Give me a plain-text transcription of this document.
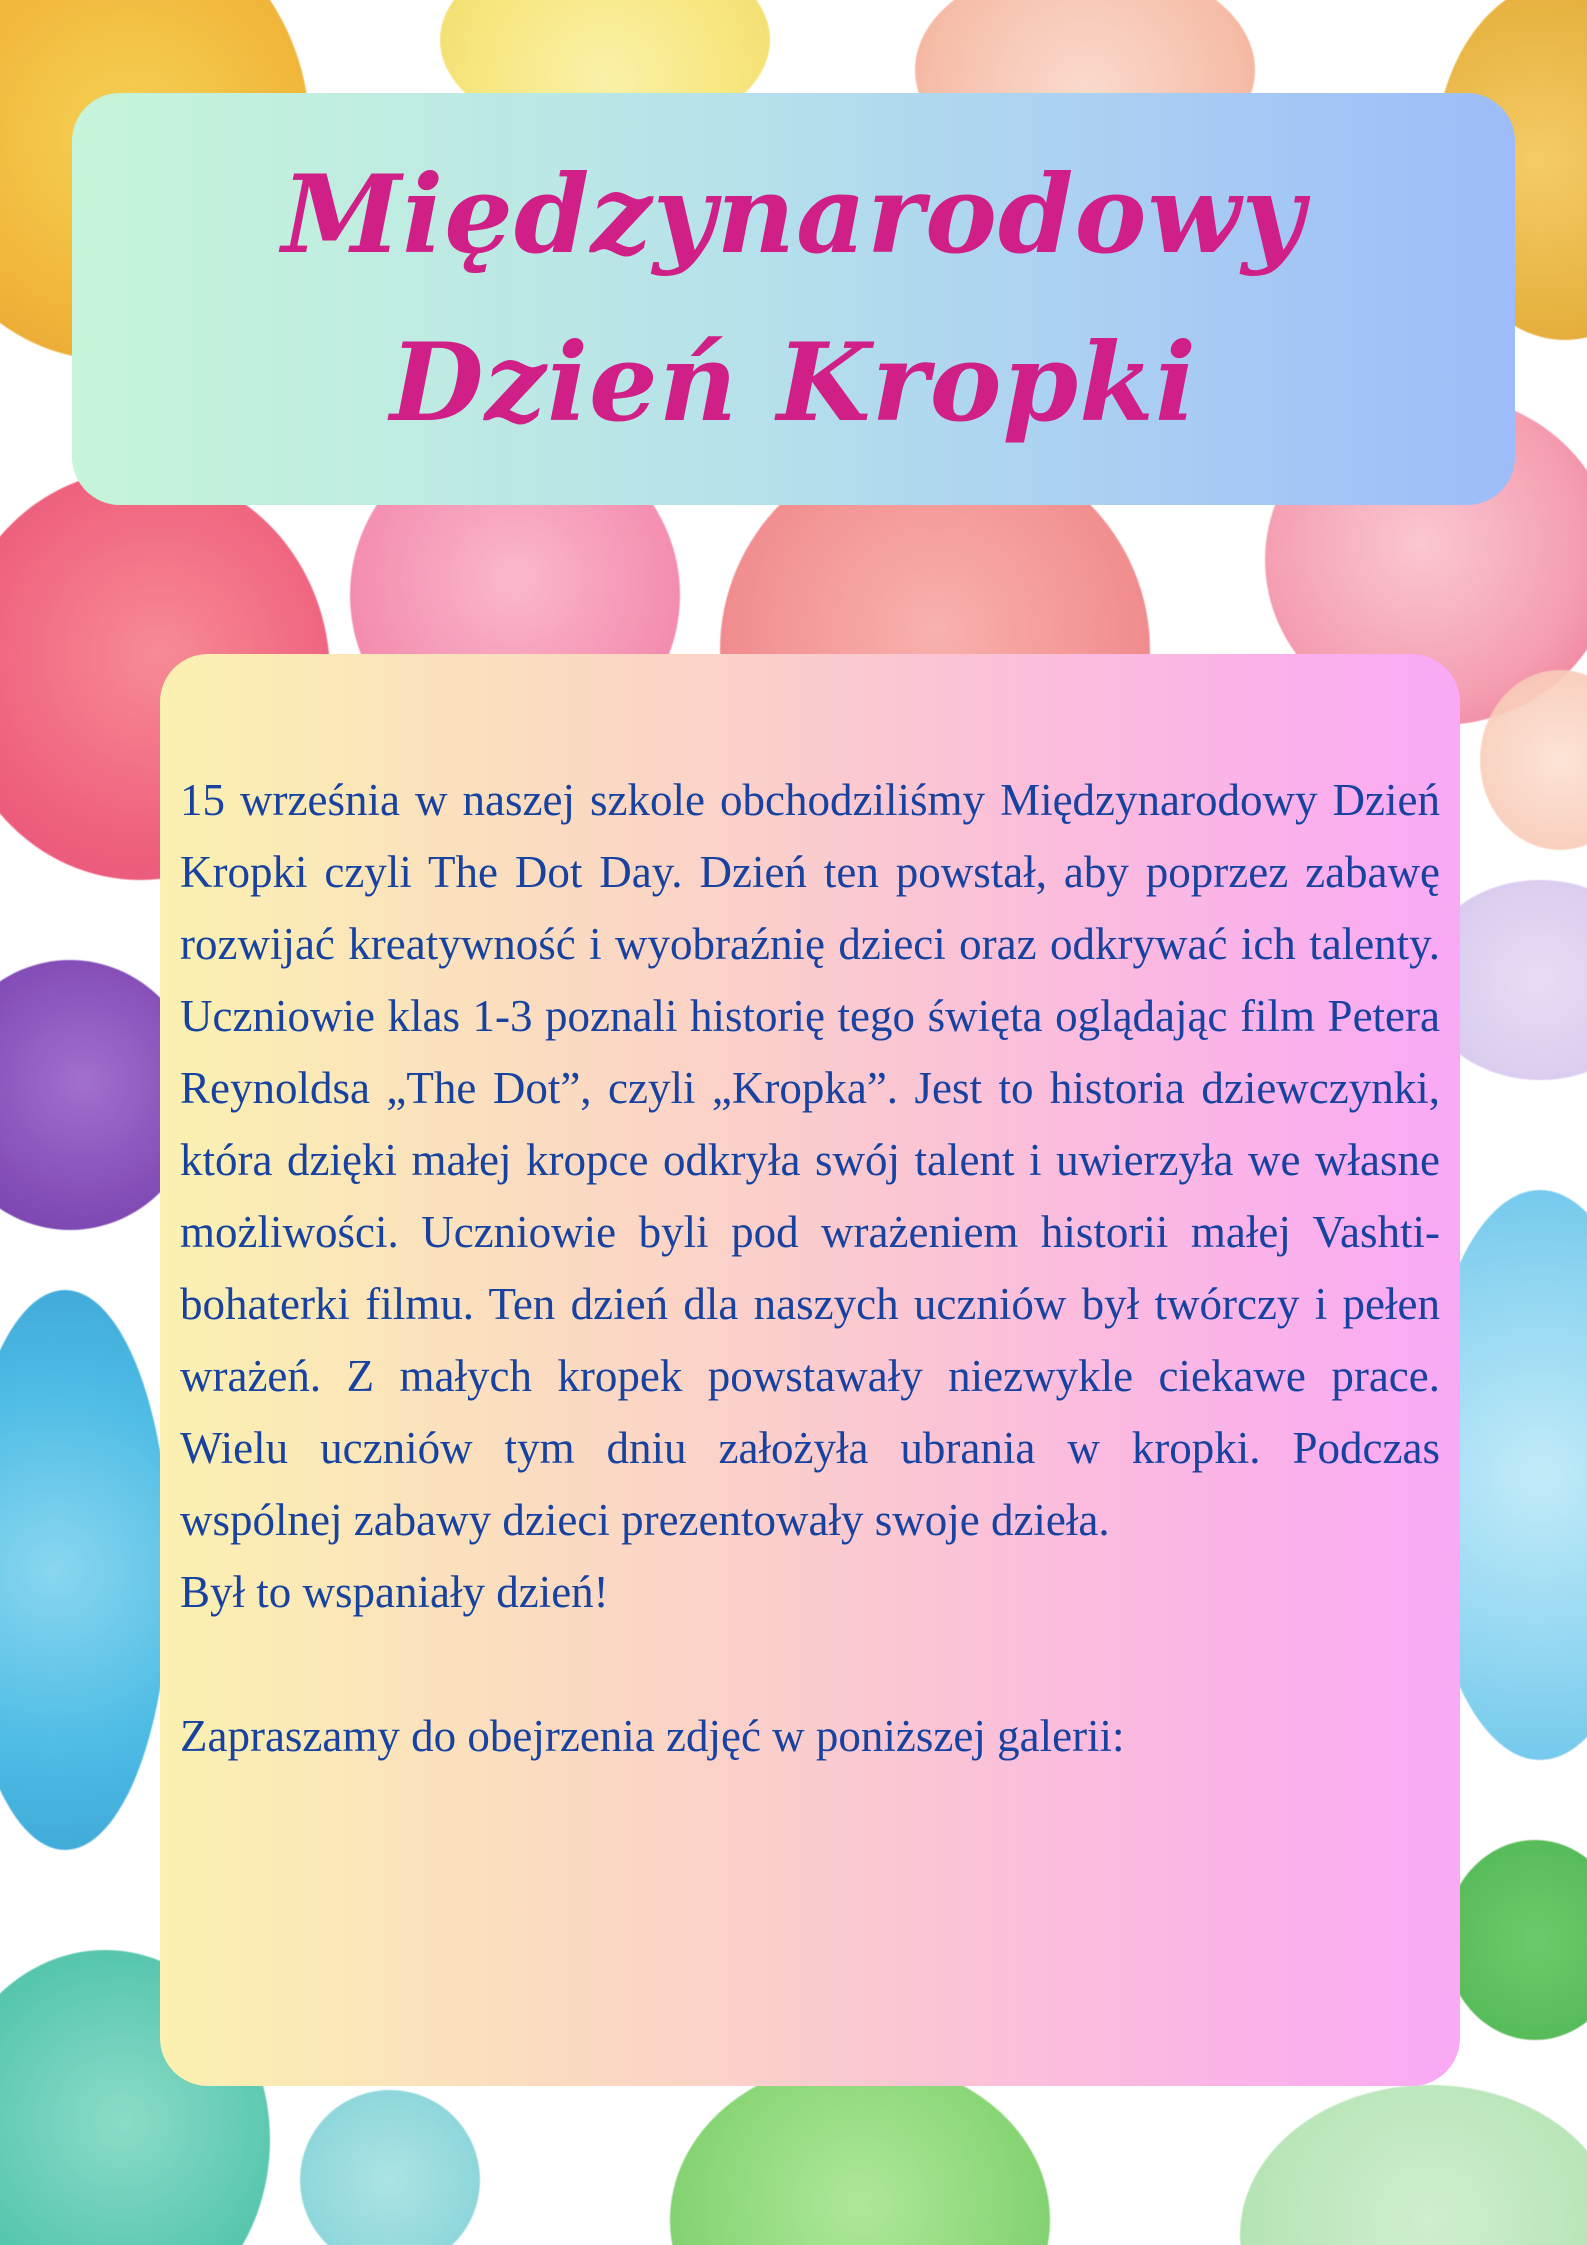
Międzynarodowy
Dzień Kropki

15 września w naszej szkole obchodziliśmy Międzynarodowy Dzień Kropki czyli The Dot Day. Dzień ten powstał, aby poprzez zabawę rozwijać kreatywność i wyobraźnię dzieci oraz odkrywać ich talenty. Uczniowie klas 1-3 poznali historię tego święta oglądając film Petera Reynoldsa „The Dot”, czyli „Kropka”. Jest to historia dziewczynki, która dzięki małej kropce odkryła swój talent i uwierzyła we własne możliwości. Uczniowie byli pod wrażeniem historii małej Vashti- bohaterki filmu. Ten dzień dla naszych uczniów był twórczy i pełen wrażeń. Z małych kropek powstawały niezwykle ciekawe prace. Wielu uczniów tym dniu założyła ubrania w kropki. Podczas wspólnej zabawy dzieci prezentowały swoje dzieła.

Był to wspaniały dzień!

Zapraszamy do obejrzenia zdjęć w poniższej galerii:
